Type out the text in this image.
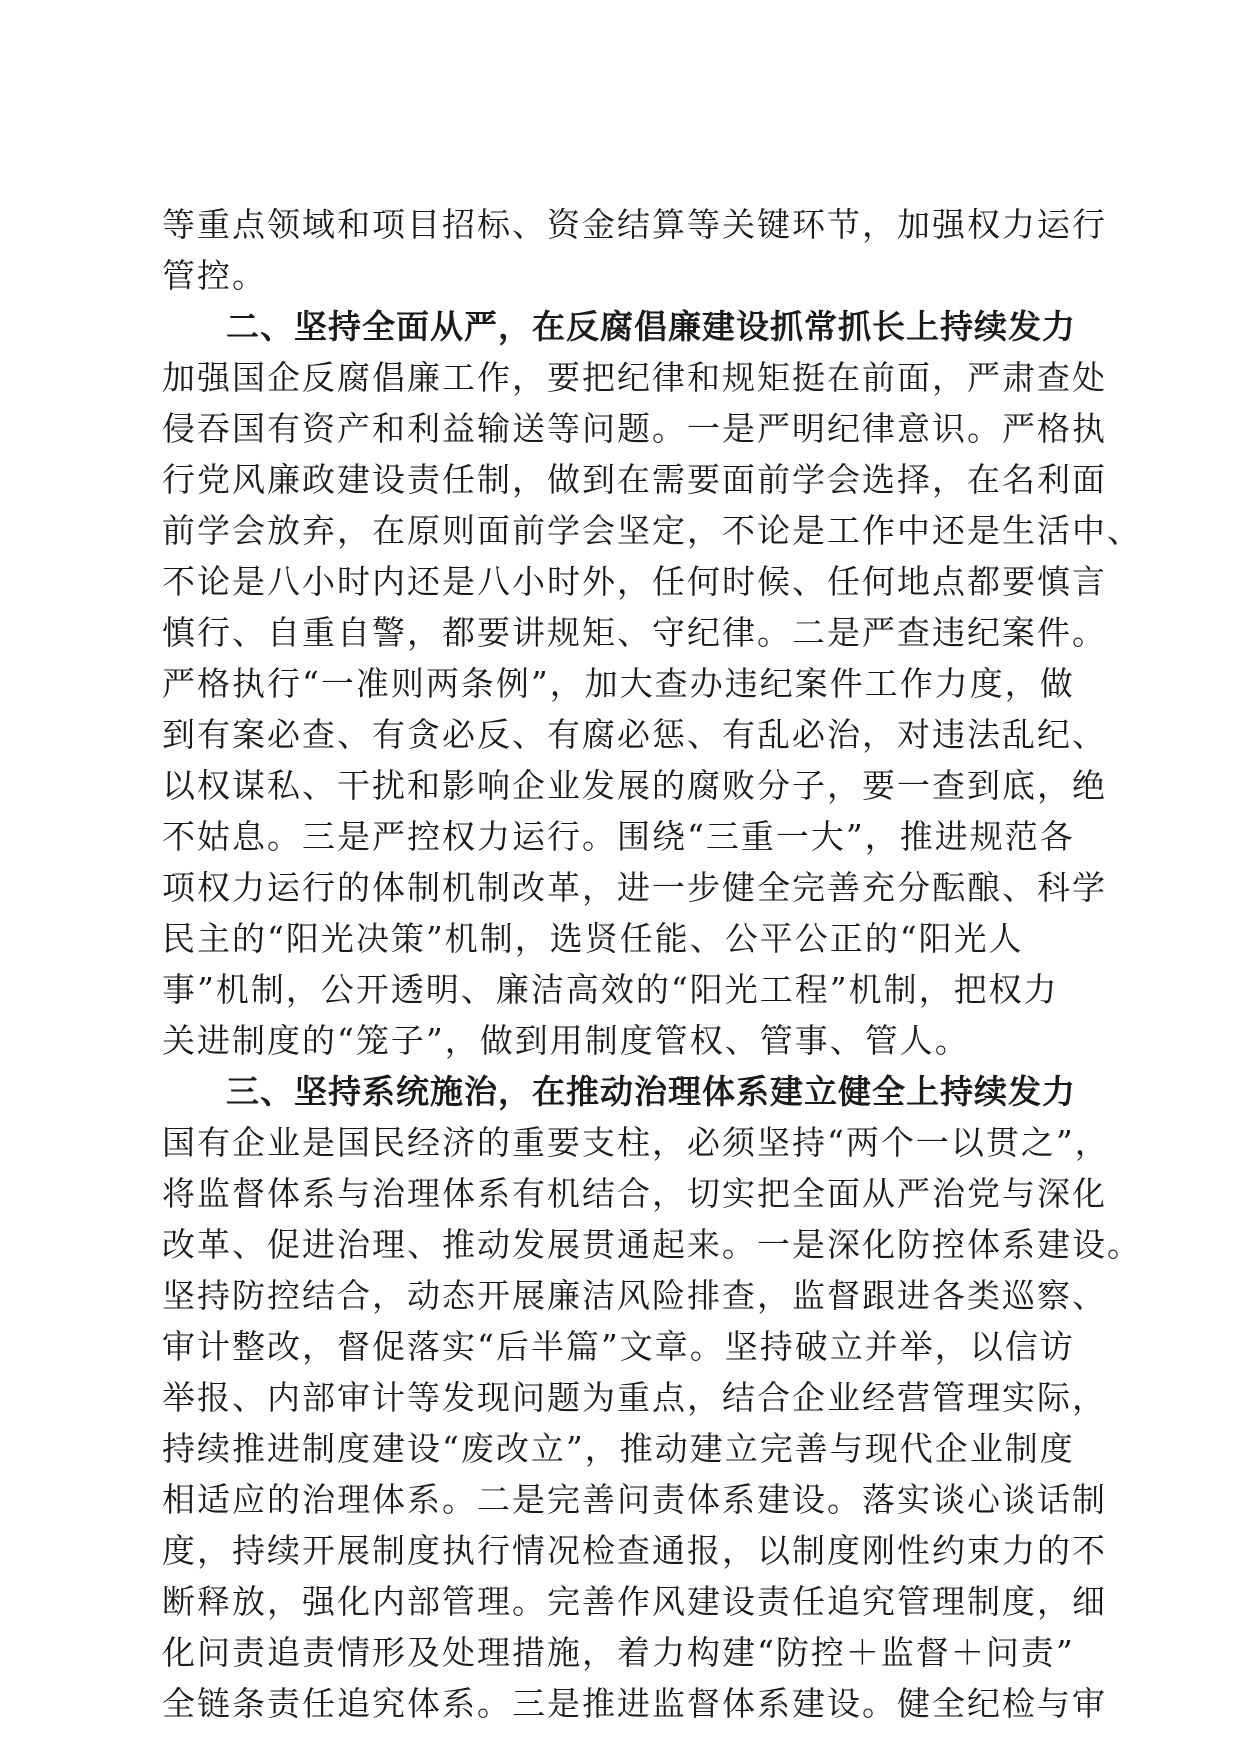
等重点领域和项目招标、资金结算等关键环节，加强权力运行
管控。
二、坚持全面从严，在反腐倡廉建设抓常抓长上持续发力
加强国企反腐倡廉工作，要把纪律和规矩挺在前面，严肃查处
侵吞国有资产和利益输送等问题。一是严明纪律意识。严格执
行党风廉政建设责任制，做到在需要面前学会选择，在名利面
前学会放弃，在原则面前学会坚定，不论是工作中还是生活中、
不论是八小时内还是八小时外，任何时候、任何地点都要慎言
慎行、自重自警，都要讲规矩、守纪律。二是严查违纪案件。
严格执行“一准则两条例”，加大查办违纪案件工作力度，做
到有案必查、有贪必反、有腐必惩、有乱必治，对违法乱纪、
以权谋私、干扰和影响企业发展的腐败分子，要一查到底，绝
不姑息。三是严控权力运行。围绕“三重一大”，推进规范各
项权力运行的体制机制改革，进一步健全完善充分酝酿、科学
民主的“阳光决策”机制，选贤任能、公平公正的“阳光人
事”机制，公开透明、廉洁高效的“阳光工程”机制，把权力
关进制度的“笼子”，做到用制度管权、管事、管人。
三、坚持系统施治，在推动治理体系建立健全上持续发力
国有企业是国民经济的重要支柱，必须坚持“两个一以贯之”，
将监督体系与治理体系有机结合，切实把全面从严治党与深化
改革、促进治理、推动发展贯通起来。一是深化防控体系建设。
坚持防控结合，动态开展廉洁风险排查，监督跟进各类巡察、
审计整改，督促落实“后半篇”文章。坚持破立并举，以信访
举报、内部审计等发现问题为重点，结合企业经营管理实际，
持续推进制度建设“废改立”，推动建立完善与现代企业制度
相适应的治理体系。二是完善问责体系建设。落实谈心谈话制
度，持续开展制度执行情况检查通报，以制度刚性约束力的不
断释放，强化内部管理。完善作风建设责任追究管理制度，细
化问责追责情形及处理措施，着力构建“防控＋监督＋问责”
全链条责任追究体系。三是推进监督体系建设。健全纪检与审
